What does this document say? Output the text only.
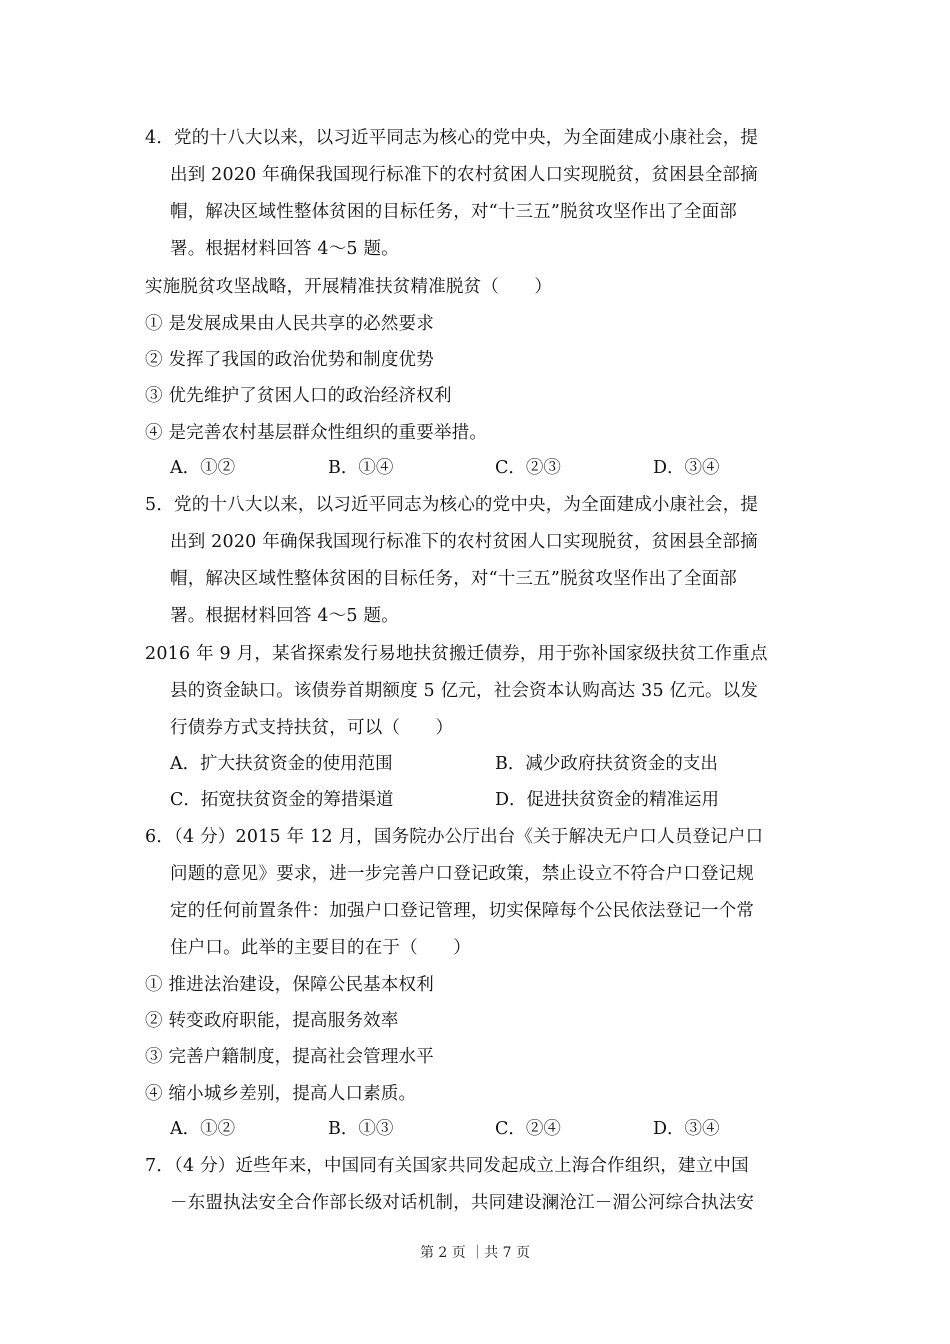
4．党的十八大以来，以习近平同志为核心的党中央，为全面建成小康社会，提
出到 2020 年确保我国现行标准下的农村贫困人口实现脱贫，贫困县全部摘
帽，解决区域性整体贫困的目标任务，对“十三五”脱贫攻坚作出了全面部
署。根据材料回答 4～5 题。
实施脱贫攻坚战略，开展精准扶贫精准脱贫（　　）
① 是发展成果由人民共享的必然要求
② 发挥了我国的政治优势和制度优势
③ 优先维护了贫困人口的政治经济权利
④ 是完善农村基层群众性组织的重要举措。
A．①②	B．①④	C．②③	D．③④
5．党的十八大以来，以习近平同志为核心的党中央，为全面建成小康社会，提
出到 2020 年确保我国现行标准下的农村贫困人口实现脱贫，贫困县全部摘
帽，解决区域性整体贫困的目标任务，对“十三五”脱贫攻坚作出了全面部
署。根据材料回答 4～5 题。
2016 年 9 月，某省探索发行易地扶贫搬迁债券，用于弥补国家级扶贫工作重点
县的资金缺口。该债券首期额度 5 亿元，社会资本认购高达 35 亿元。以发
行债券方式支持扶贫，可以（　　）
A．扩大扶贫资金的使用范围	B．减少政府扶贫资金的支出
C．拓宽扶贫资金的筹措渠道	D．促进扶贫资金的精准运用
6．（4 分）2015 年 12 月，国务院办公厅出台《关于解决无户口人员登记户口
问题的意见》要求，进一步完善户口登记政策，禁止设立不符合户口登记规
定的任何前置条件：加强户口登记管理，切实保障每个公民依法登记一个常
住户口。此举的主要目的在于（　　）
① 推进法治建设，保障公民基本权利
② 转变政府职能，提高服务效率
③ 完善户籍制度，提高社会管理水平
④ 缩小城乡差别，提高人口素质。
A．①②	B．①③	C．②④	D．③④
7．（4 分）近些年来，中国同有关国家共同发起成立上海合作组织，建立中国
－东盟执法安全合作部长级对话机制，共同建设澜沧江－湄公河综合执法安
第 2 页 ｜共 7 页
